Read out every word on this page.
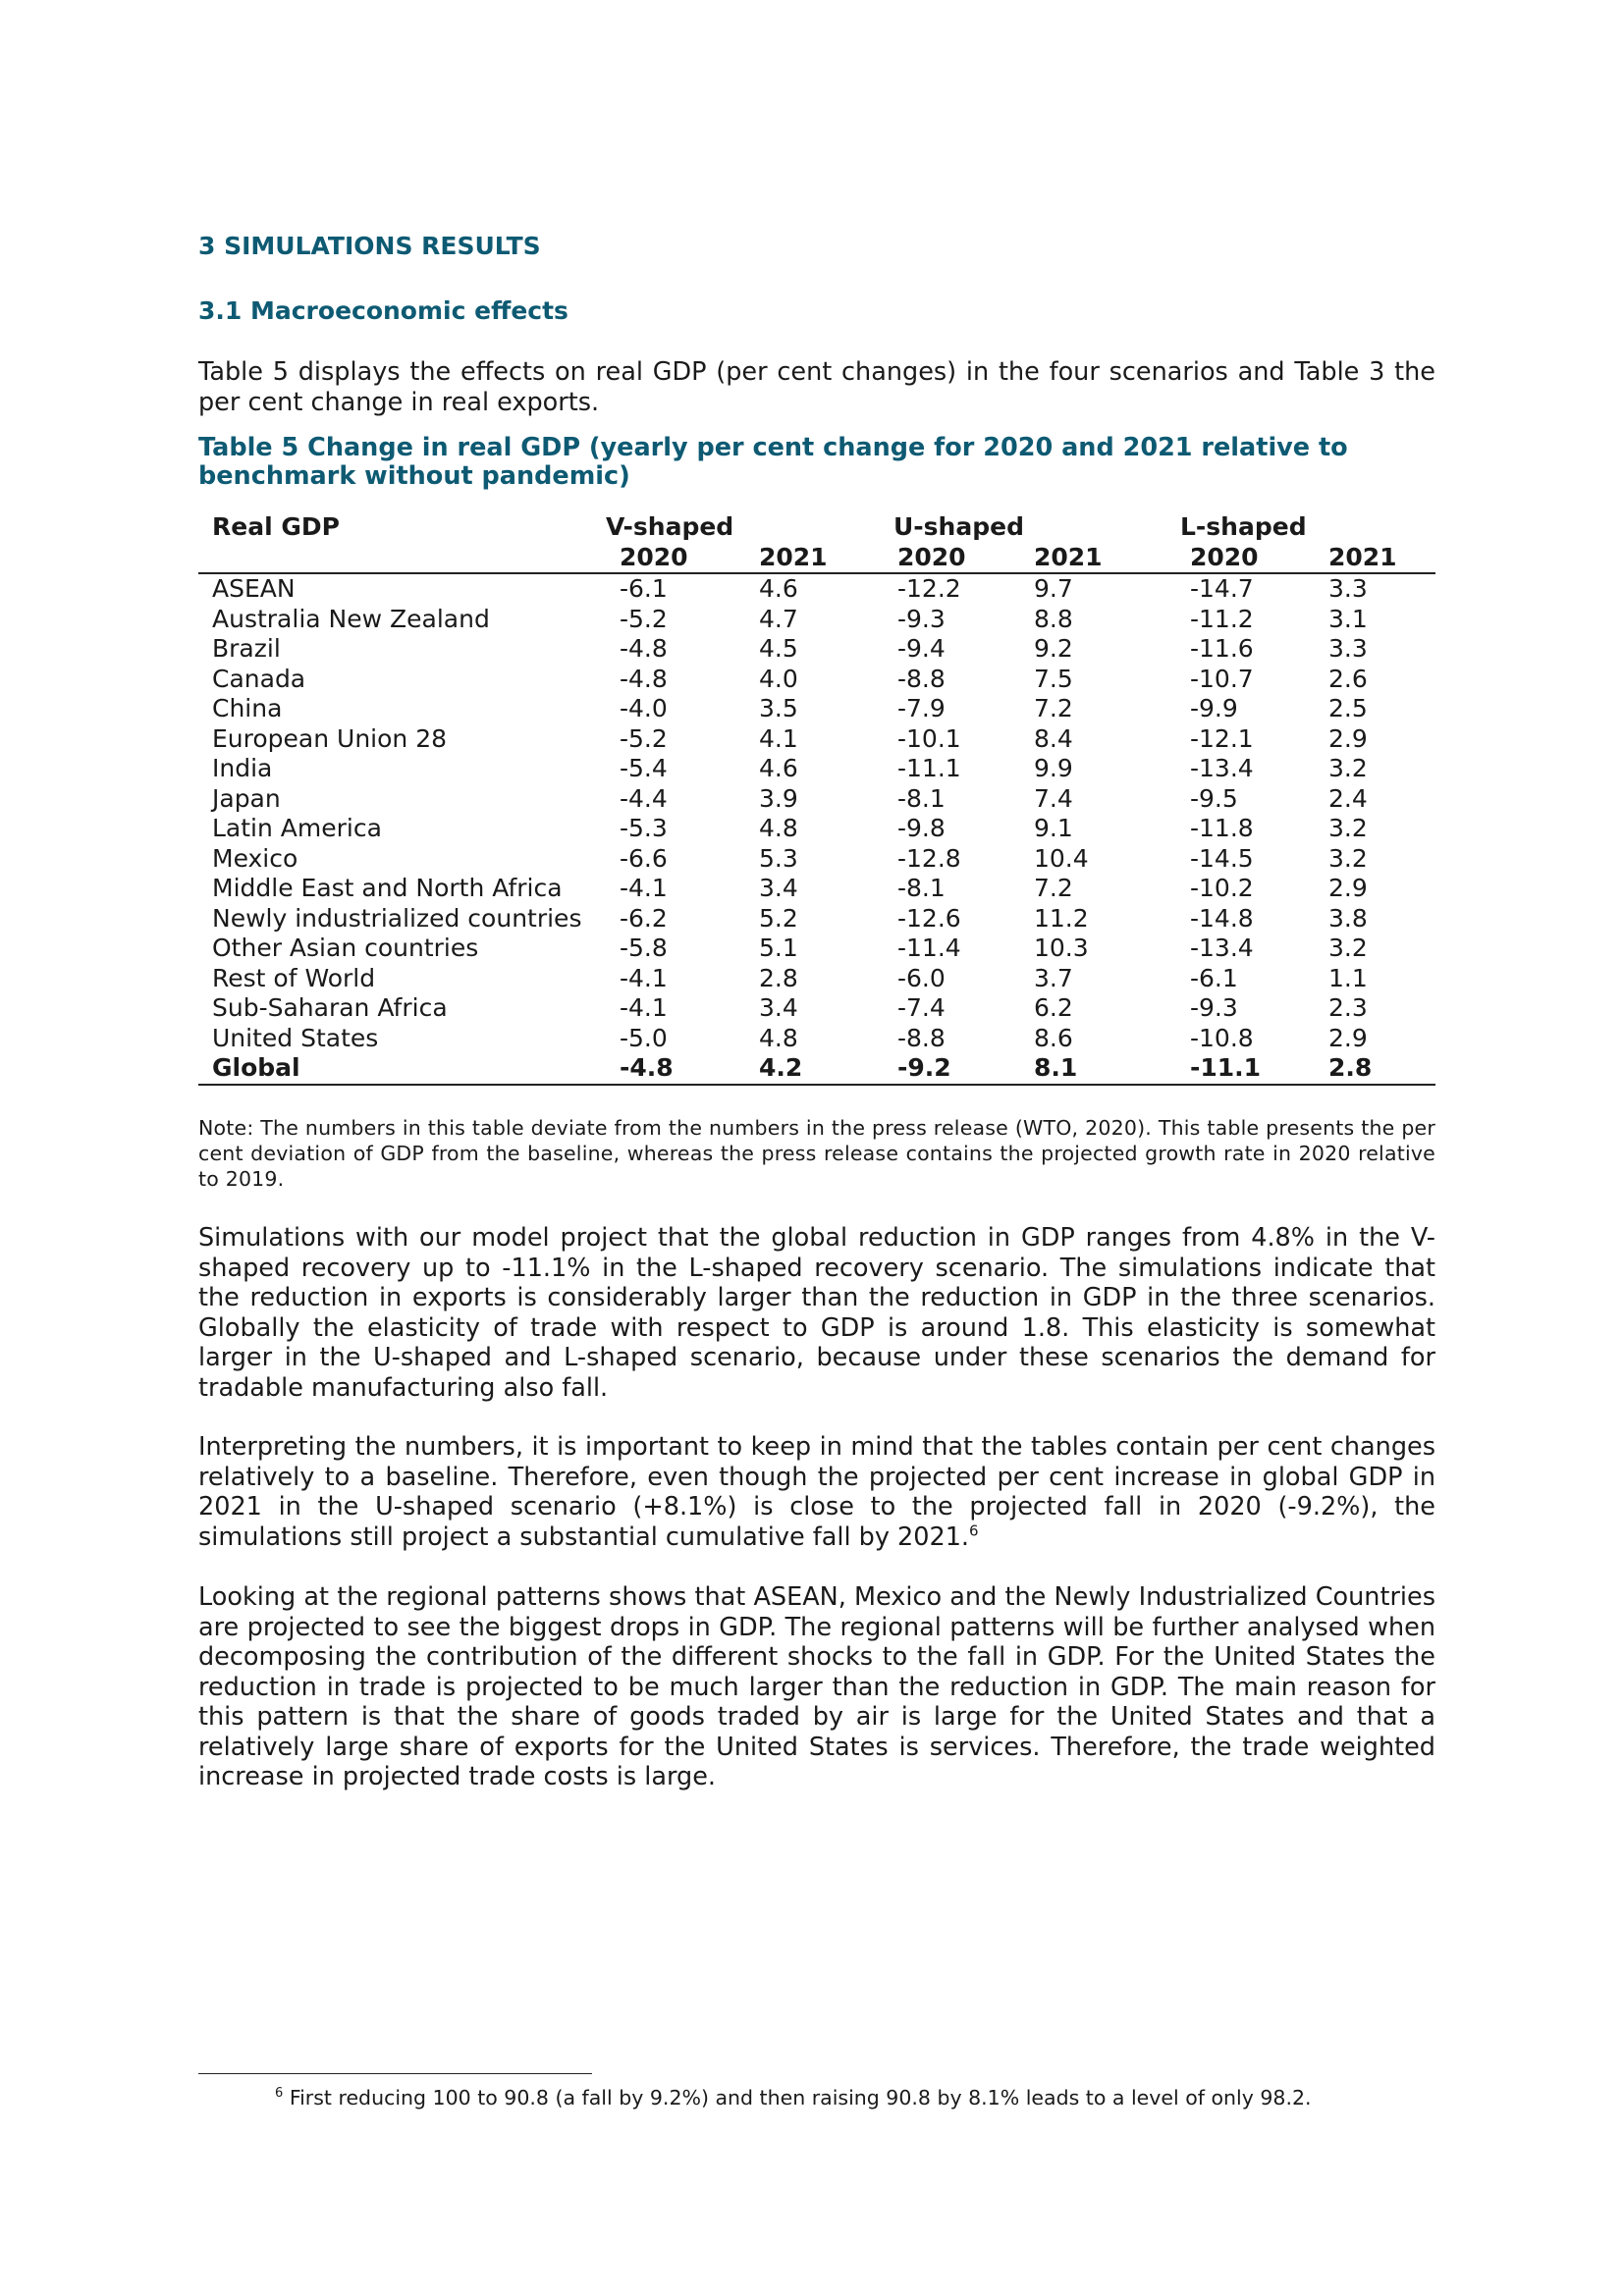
3 SIMULATIONS RESULTS
3.1 Macroeconomic effects

Table 5 displays the effects on real GDP (per cent changes) in the four scenarios and Table 3 the per cent change in real exports.

Table 5 Change in real GDP (yearly per cent change for 2020 and 2021 relative to benchmark without pandemic)
Real GDP	V-shaped		U-shaped		L-shaped	
	2020	2021	2020	2021	2020	2021
ASEAN	-6.1	4.6	-12.2	9.7	-14.7	3.3
Australia New Zealand	-5.2	4.7	-9.3	8.8	-11.2	3.1
Brazil	-4.8	4.5	-9.4	9.2	-11.6	3.3
Canada	-4.8	4.0	-8.8	7.5	-10.7	2.6
China	-4.0	3.5	-7.9	7.2	-9.9	2.5
European Union 28	-5.2	4.1	-10.1	8.4	-12.1	2.9
India	-5.4	4.6	-11.1	9.9	-13.4	3.2
Japan	-4.4	3.9	-8.1	7.4	-9.5	2.4
Latin America	-5.3	4.8	-9.8	9.1	-11.8	3.2
Mexico	-6.6	5.3	-12.8	10.4	-14.5	3.2
Middle East and North Africa	-4.1	3.4	-8.1	7.2	-10.2	2.9
Newly industrialized countries	-6.2	5.2	-12.6	11.2	-14.8	3.8
Other Asian countries	-5.8	5.1	-11.4	10.3	-13.4	3.2
Rest of World	-4.1	2.8	-6.0	3.7	-6.1	1.1
Sub-Saharan Africa	-4.1	3.4	-7.4	6.2	-9.3	2.3
United States	-5.0	4.8	-8.8	8.6	-10.8	2.9
Global	-4.8	4.2	-9.2	8.1	-11.1	2.8
Note: The numbers in this table deviate from the numbers in the press release (WTO, 2020). This table presents the per cent deviation of GDP from the baseline, whereas the press release contains the projected growth rate in 2020 relative to 2019.

Simulations with our model project that the global reduction in GDP ranges from 4.8% in the V-shaped recovery up to -11.1% in the L-shaped recovery scenario. The simulations indicate that the reduction in exports is considerably larger than the reduction in GDP in the three scenarios. Globally the elasticity of trade with respect to GDP is around 1.8. This elasticity is somewhat larger in the U-shaped and L-shaped scenario, because under these scenarios the demand for tradable manufacturing also fall.

Interpreting the numbers, it is important to keep in mind that the tables contain per cent changes relatively to a baseline. Therefore, even though the projected per cent increase in global GDP in 2021 in the U-shaped scenario (+8.1%) is close to the projected fall in 2020 (-9.2%), the simulations still project a substantial cumulative fall by 2021.$^6$

Looking at the regional patterns shows that ASEAN, Mexico and the Newly Industrialized Countries are projected to see the biggest drops in GDP. The regional patterns will be further analysed when decomposing the contribution of the different shocks to the fall in GDP. For the United States the reduction in trade is projected to be much larger than the reduction in GDP. The main reason for this pattern is that the share of goods traded by air is large for the United States and that a relatively large share of exports for the United States is services. Therefore, the trade weighted increase in projected trade costs is large.

$^6$ First reducing 100 to 90.8 (a fall by 9.2%) and then raising 90.8 by 8.1% leads to a level of only 98.2.
